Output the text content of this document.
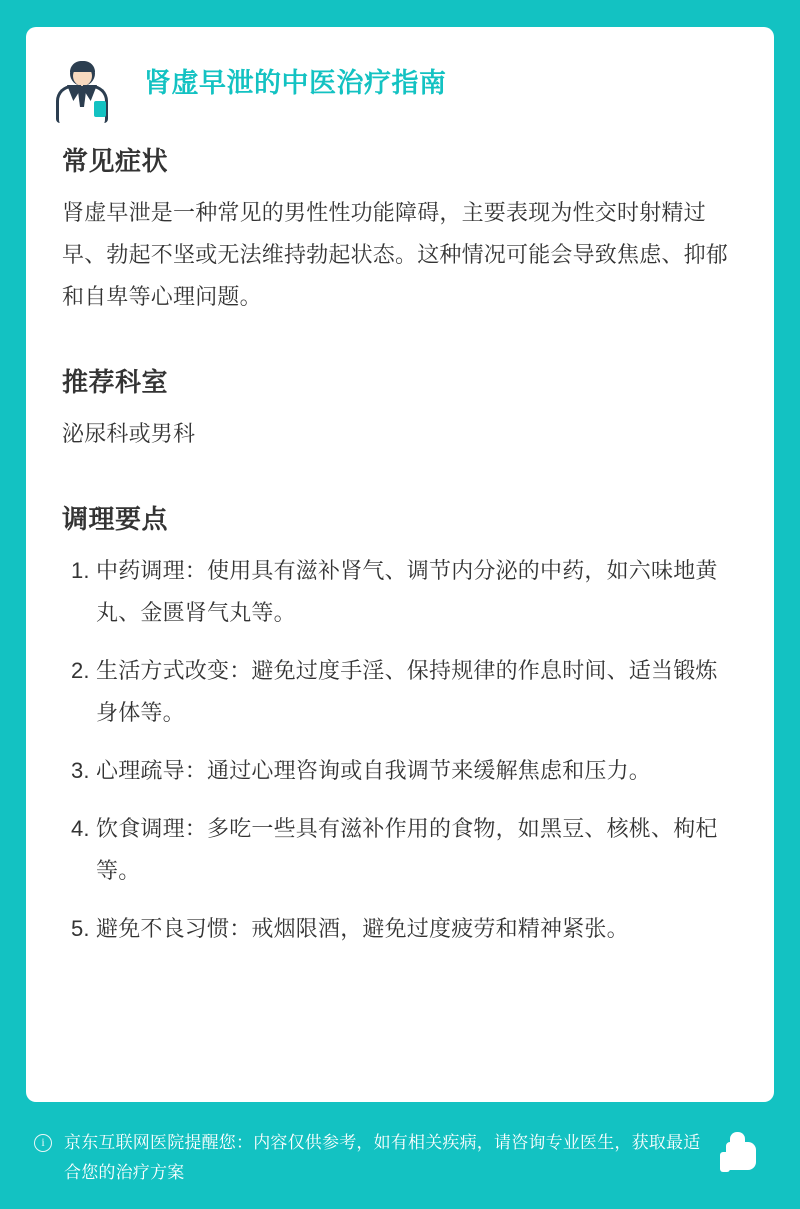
肾虚早泄的中医治疗指南
常见症状

肾虚早泄是一种常见的男性性功能障碍，主要表现为性交时射精过早、勃起不坚或无法维持勃起状态。这种情况可能会导致焦虑、抑郁和自卑等心理问题。

推荐科室

泌尿科或男科

调理要点
1. 中药调理：使用具有滋补肾气、调节内分泌的中药，如六味地黄丸、金匮肾气丸等。
2. 生活方式改变：避免过度手淫、保持规律的作息时间、适当锻炼身体等。
3. 心理疏导：通过心理咨询或自我调节来缓解焦虑和压力。
4. 饮食调理：多吃一些具有滋补作用的食物，如黑豆、核桃、枸杞等。
5. 避免不良习惯：戒烟限酒，避免过度疲劳和精神紧张。
i	京东互联网医院提醒您：内容仅供参考，如有相关疾病，请咨询专业医生，获取最适合您的治疗方案
